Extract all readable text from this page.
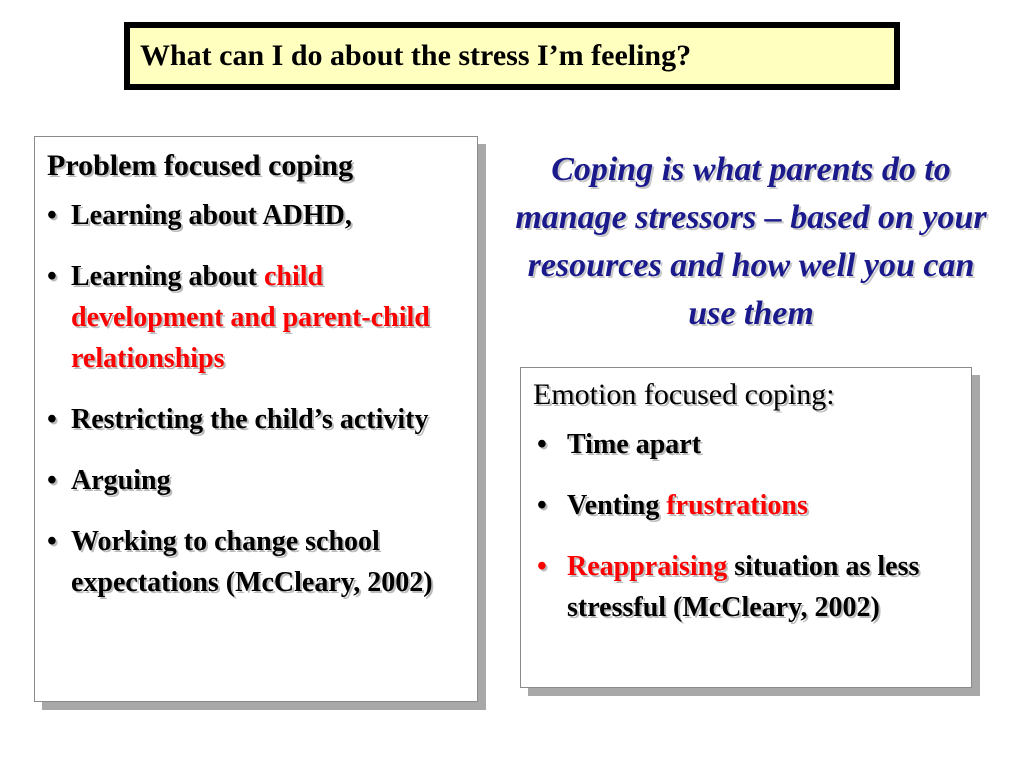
What can I do about the stress I’m feeling?
Problem focused coping
• Learning about ADHD,
• Learning about child development and parent-child relationships
• Restricting the child’s activity
• Arguing
• Working to change school expectations (McCleary, 2002)
Coping is what parents do to manage stressors – based on your resources and how well you can use them
Emotion focused coping:
• Time apart
• Venting frustrations
• Reappraising situation as less stressful (McCleary, 2002)
